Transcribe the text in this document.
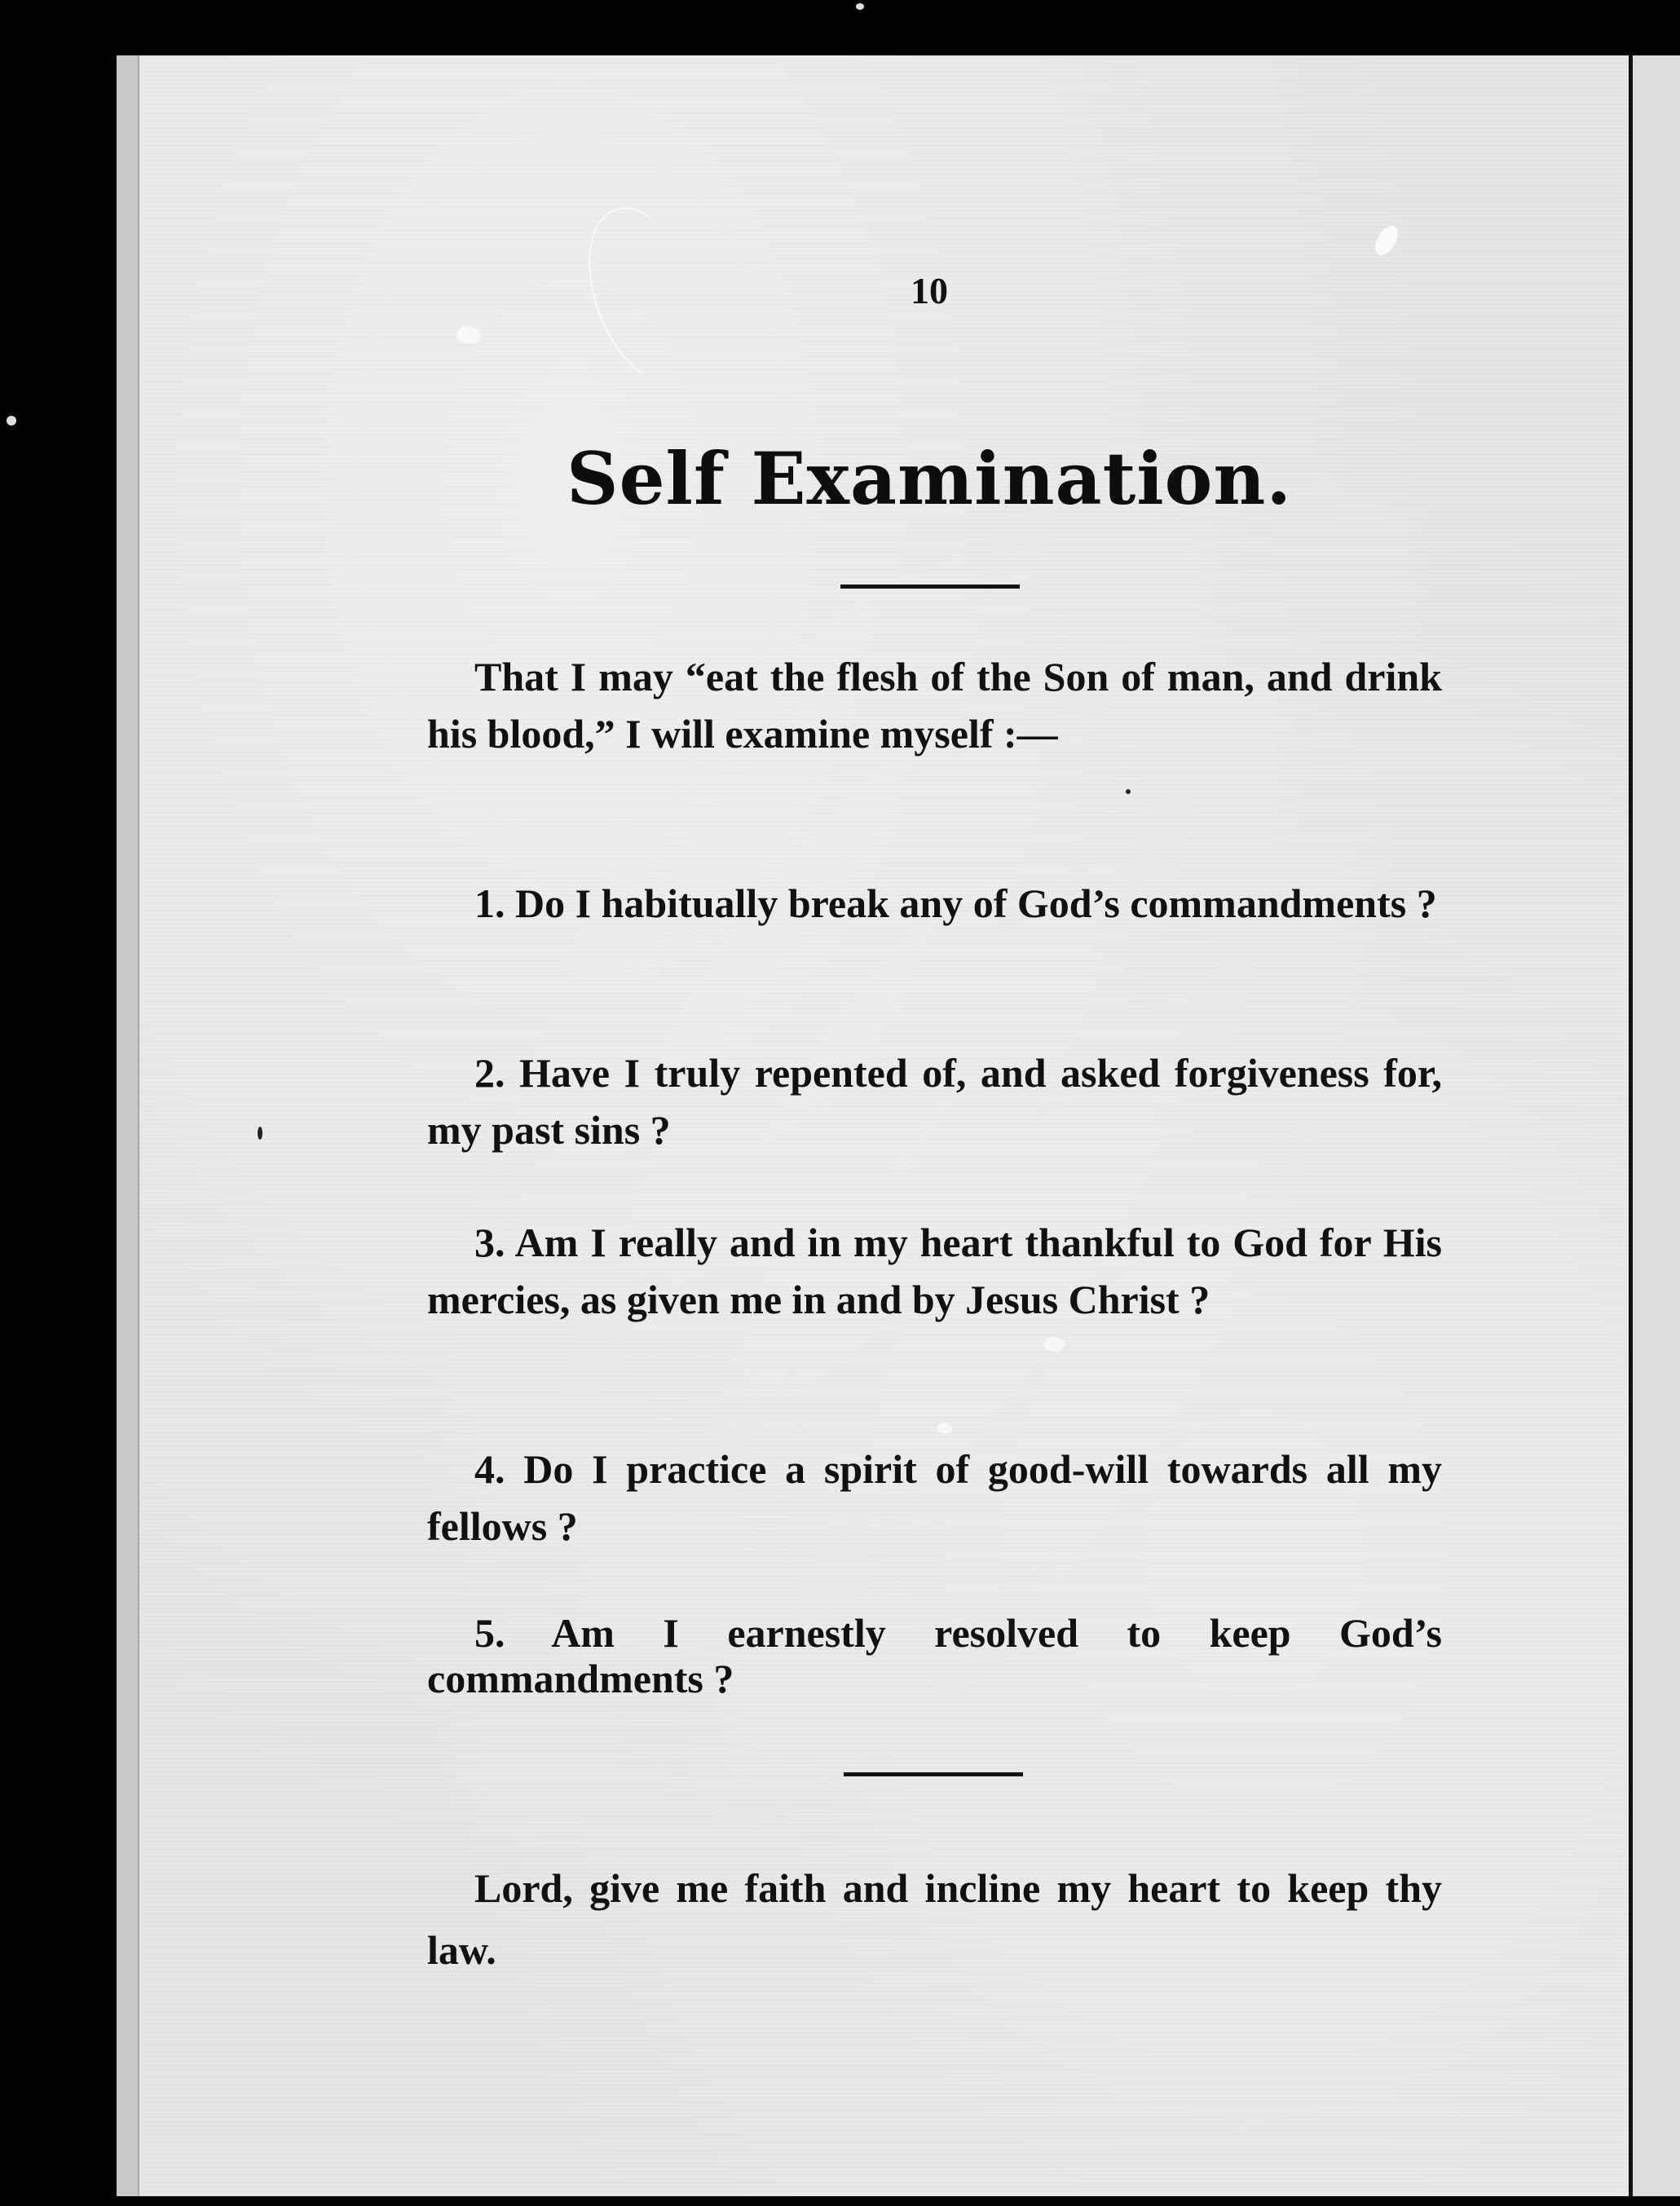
10
Self Examination.

That I may “eat the flesh of the Son of man, and drink his blood,” I will examine myself :—

1. Do I habitually break any of God’s commandments ?

2. Have I truly repented of, and asked forgiveness for, my past sins ?

3. Am I really and in my heart thankful to God for His mercies, as given me in and by Jesus Christ ?

4. Do I practice a spirit of good-will towards all my fellows ?

5. Am I earnestly resolved to keep God’s commandments ?

Lord, give me faith and incline my heart to keep thy law.
